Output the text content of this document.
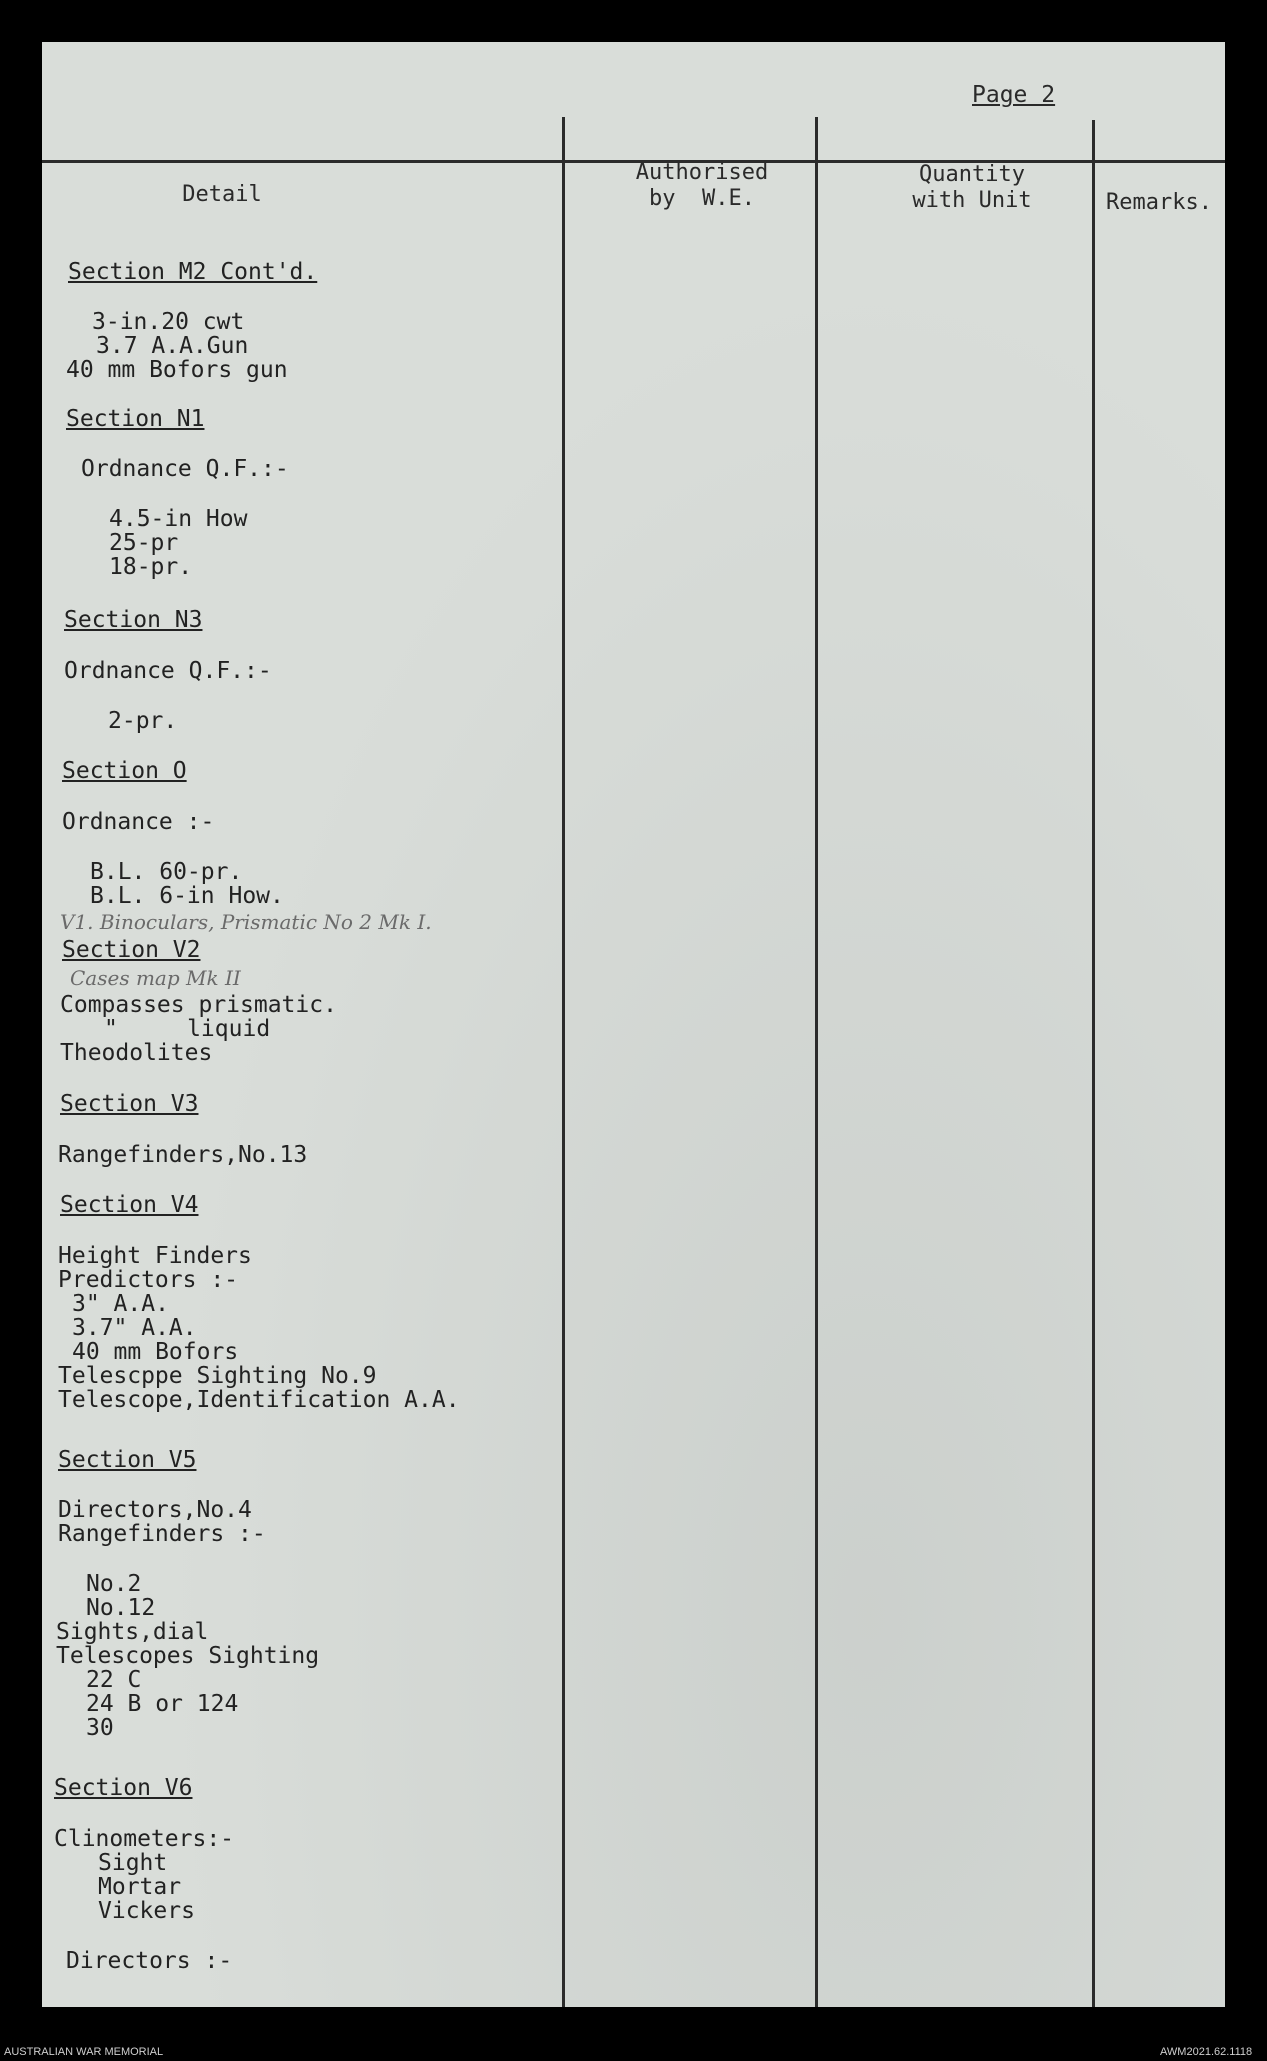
Page 2
Detail
Authorised
by  W.E.
Quantity
with Unit	Remarks.
Section M2 Cont'd.
3-in.20 cwt
3.7 A.A.Gun
40 mm Bofors gun
Section N1
Ordnance Q.F.:-
4.5-in How
25-pr
18-pr.
Section N3
Ordnance Q.F.:-
2-pr.
Section O
Ordnance :-
B.L. 60-pr.
B.L. 6-in How.
V1. Binoculars, Prismatic No 2 Mk I.
Section V2
Cases map Mk II
Compasses prismatic.
"     liquid
Theodolites
Section V3
Rangefinders,No.13
Section V4
Height Finders
Predictors :-
3" A.A.
3.7" A.A.
40 mm Bofors
Telescppe Sighting No.9
Telescope,Identification A.A.
Section V5
Directors,No.4
Rangefinders :-
No.2
No.12
Sights,dial
Telescopes Sighting
22 C
24 B or 124
30
Section V6
Clinometers:-
Sight
Mortar
Vickers
Directors :-
AUSTRALIAN WAR MEMORIAL	AWM2021.62.1118
